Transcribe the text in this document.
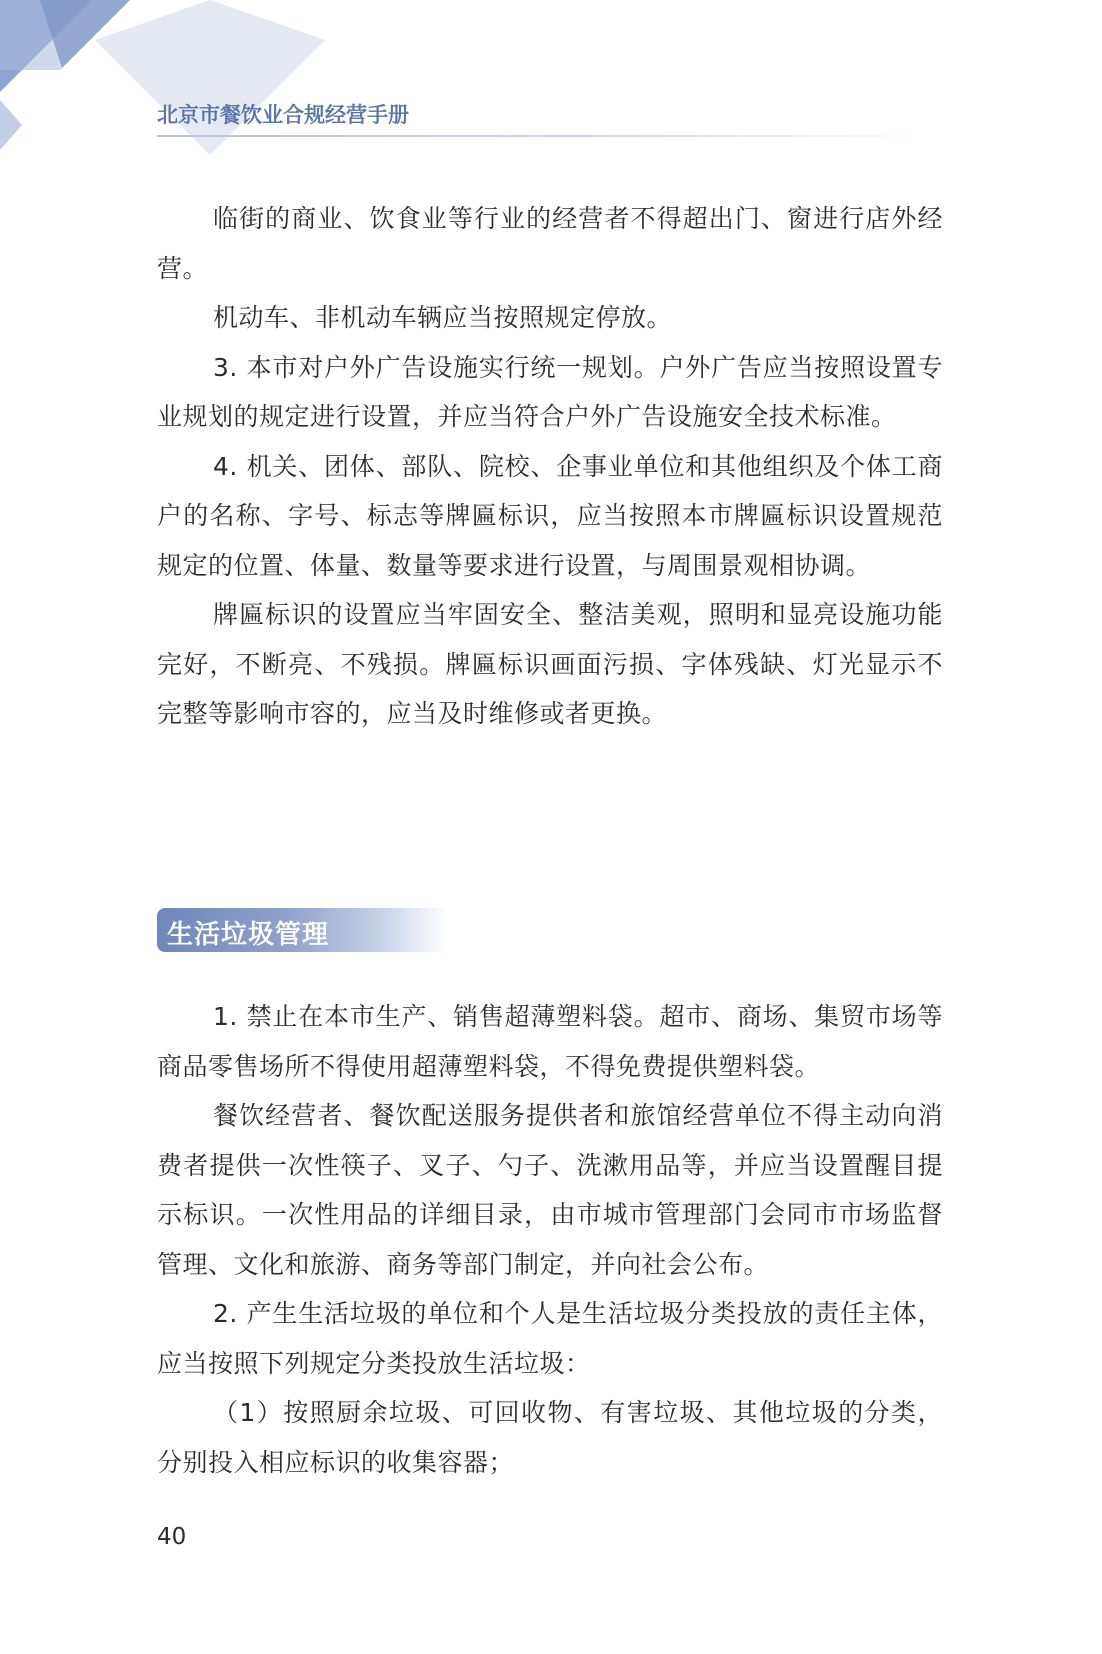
北京市餐饮业合规经营手册

临街的商业、饮食业等行业的经营者不得超出门、窗进行店外经营。

机动车、非机动车辆应当按照规定停放。

3. 本市对户外广告设施实行统一规划。户外广告应当按照设置专业规划的规定进行设置，并应当符合户外广告设施安全技术标准。

4. 机关、团体、部队、院校、企事业单位和其他组织及个体工商户的名称、字号、标志等牌匾标识，应当按照本市牌匾标识设置规范规定的位置、体量、数量等要求进行设置，与周围景观相协调。

牌匾标识的设置应当牢固安全、整洁美观，照明和显亮设施功能完好，不断亮、不残损。牌匾标识画面污损、字体残缺、灯光显示不完整等影响市容的，应当及时维修或者更换。

生活垃圾管理

1. 禁止在本市生产、销售超薄塑料袋。超市、商场、集贸市场等商品零售场所不得使用超薄塑料袋，不得免费提供塑料袋。

餐饮经营者、餐饮配送服务提供者和旅馆经营单位不得主动向消费者提供一次性筷子、叉子、勺子、洗漱用品等，并应当设置醒目提示标识。一次性用品的详细目录，由市城市管理部门会同市市场监督管理、文化和旅游、商务等部门制定，并向社会公布。

2. 产生生活垃圾的单位和个人是生活垃圾分类投放的责任主体，应当按照下列规定分类投放生活垃圾：

（1）按照厨余垃圾、可回收物、有害垃圾、其他垃圾的分类，分别投入相应标识的收集容器；

40
